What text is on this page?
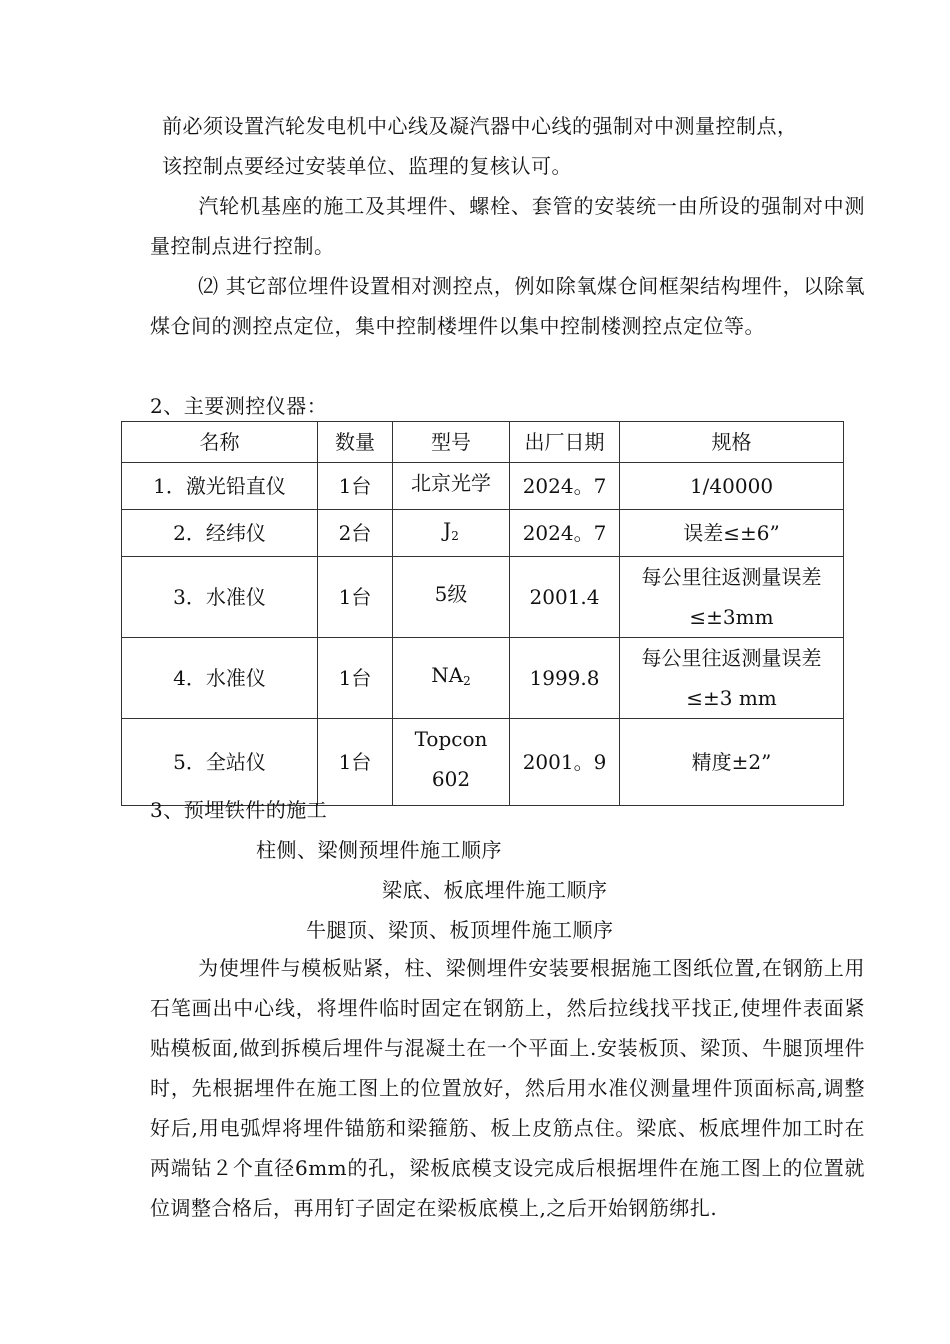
前必须设置汽轮发电机中心线及凝汽器中心线的强制对中测量控制点，
该控制点要经过安装单位、监理的复核认可。
汽轮机基座的施工及其埋件、螺栓、套管的安装统一由所设的强制对中测量控制点进行控制。
⑵ 其它部位埋件设置相对测控点，例如除氧煤仓间框架结构埋件，以除氧煤仓间的测控点定位，集中控制楼埋件以集中控制楼测控点定位等。
2、主要测控仪器：
名称	数量	型号	出厂日期	规格
1．激光铅直仪	1台	北京光学	2024。7	1/40000
2．经纬仪	2台	$J_2$	2024。7	误差≤±6”
3．水准仪	1台	5级	2001.4	每公里往返测量误差≤±3mm
4．水准仪	1台	$NA_2$	1999.8	每公里往返测量误差≤±3 mm
5．全站仪	1台	Topcon 602	2001。9	精度±2”
3、预埋铁件的施工
柱侧、梁侧预埋件施工顺序
梁底、板底埋件施工顺序
牛腿顶、梁顶、板顶埋件施工顺序
为使埋件与模板贴紧，柱、梁侧埋件安装要根据施工图纸位置,在钢筋上用石笔画出中心线，将埋件临时固定在钢筋上，然后拉线找平找正,使埋件表面紧贴模板面,做到拆模后埋件与混凝土在一个平面上.安装板顶、梁顶、牛腿顶埋件时，先根据埋件在施工图上的位置放好，然后用水准仪测量埋件顶面标高,调整好后,用电弧焊将埋件锚筋和梁箍筋、板上皮筋点住。梁底、板底埋件加工时在两端钻２个直径6mm的孔，梁板底模支设完成后根据埋件在施工图上的位置就位调整合格后，再用钉子固定在梁板底模上,之后开始钢筋绑扎.
